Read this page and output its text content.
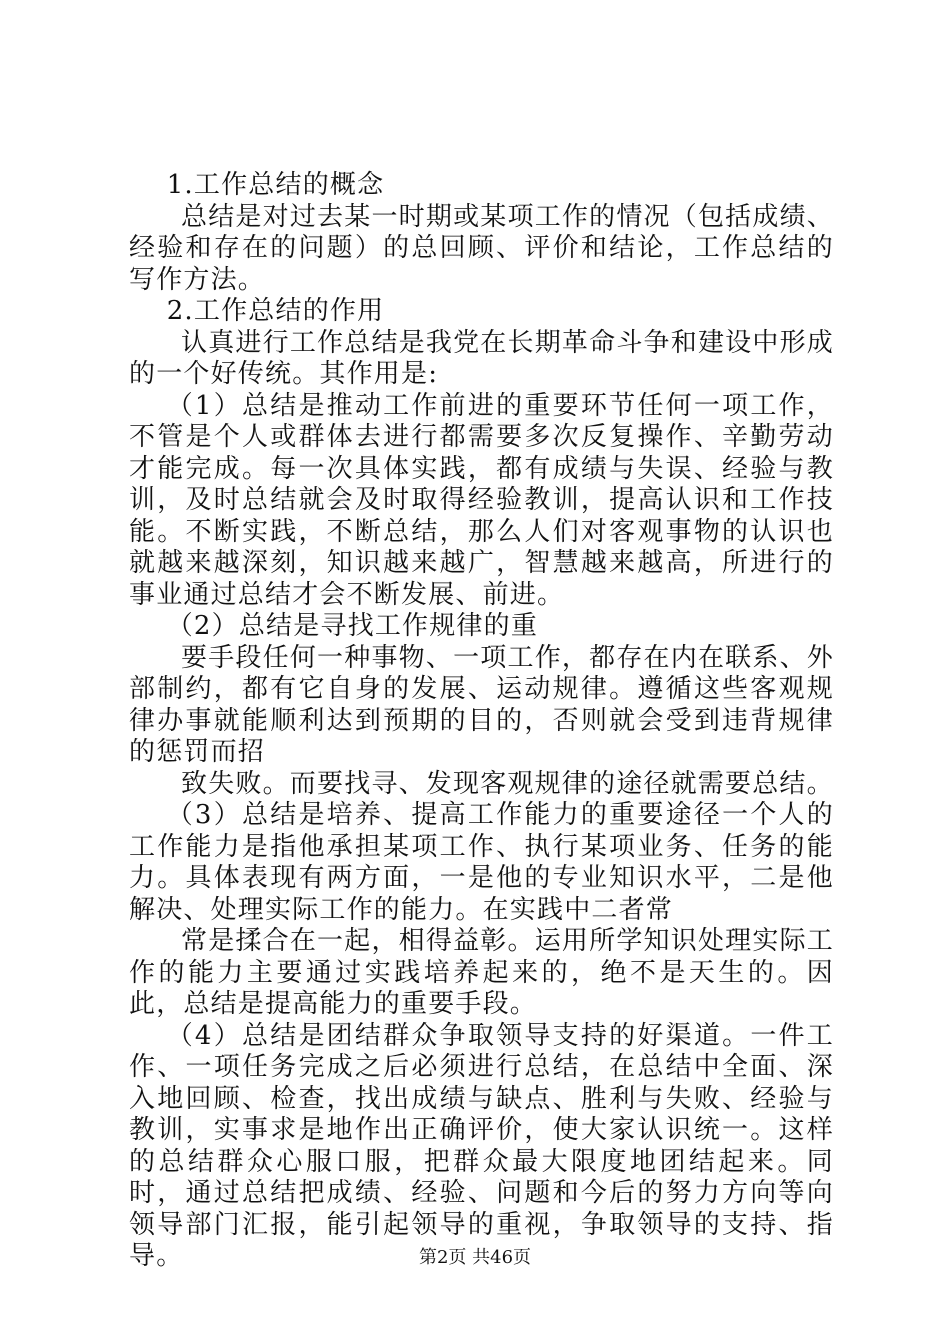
1.工作总结的概念

总结是对过去某一时期或某项工作的情况（包括成绩、经验和存在的问题）的总回顾、评价和结论，工作总结的写作方法。

2.工作总结的作用

认真进行工作总结是我党在长期革命斗争和建设中形成的一个好传统。其作用是:

（1）总结是推动工作前进的重要环节任何一项工作，不管是个人或群体去进行都需要多次反复操作、辛勤劳动才能完成。每一次具体实践，都有成绩与失误、经验与教训，及时总结就会及时取得经验教训，提高认识和工作技能。不断实践，不断总结，那么人们对客观事物的认识也就越来越深刻，知识越来越广，智慧越来越高，所进行的事业通过总结才会不断发展、前进。

（2）总结是寻找工作规律的重

要手段任何一种事物、一项工作，都存在内在联系、外部制约，都有它自身的发展、运动规律。遵循这些客观规律办事就能顺利达到预期的目的，否则就会受到违背规律的惩罚而招

致失败。而要找寻、发现客观规律的途径就需要总结。

（3）总结是培养、提高工作能力的重要途径一个人的工作能力是指他承担某项工作、执行某项业务、任务的能力。具体表现有两方面，一是他的专业知识水平，二是他解决、处理实际工作的能力。在实践中二者常

常是揉合在一起，相得益彰。运用所学知识处理实际工作的能力主要通过实践培养起来的，绝不是天生的。因此，总结是提高能力的重要手段。

（4）总结是团结群众争取领导支持的好渠道。一件工作、一项任务完成之后必须进行总结，在总结中全面、深入地回顾、检查，找出成绩与缺点、胜利与失败、经验与教训，实事求是地作出正确评价，使大家认识统一。这样的总结群众心服口服，把群众最大限度地团结起来。同时，通过总结把成绩、经验、问题和今后的努力方向等向领导部门汇报，能引起领导的重视，争取领导的支持、指导。	第2页 共46页
